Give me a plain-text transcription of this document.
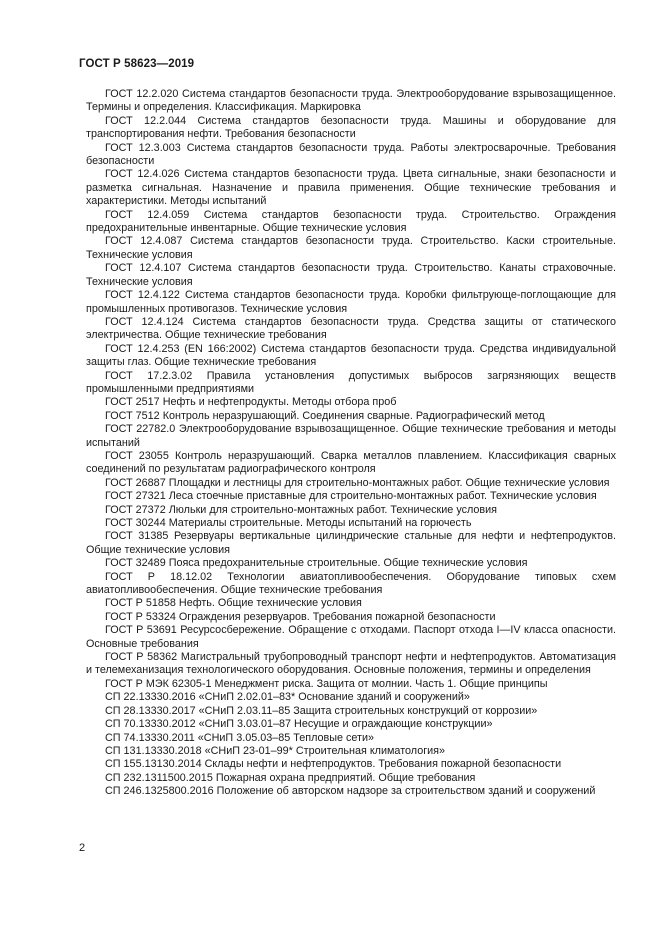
ГОСТ Р 58623—2019
ГОСТ 12.2.020 Система стандартов безопасности труда. Электрооборудование взрывозащищенное. Термины и определения. Классификация. Маркировка
ГОСТ 12.2.044 Система стандартов безопасности труда. Машины и оборудование для транспортирования нефти. Требования безопасности
ГОСТ 12.3.003 Система стандартов безопасности труда. Работы электросварочные. Требования безопасности
ГОСТ 12.4.026 Система стандартов безопасности труда. Цвета сигнальные, знаки безопасности и разметка сигнальная. Назначение и правила применения. Общие технические требования и характеристики. Методы испытаний
ГОСТ 12.4.059 Система стандартов безопасности труда. Строительство. Ограждения предохранительные инвентарные. Общие технические условия
ГОСТ 12.4.087 Система стандартов безопасности труда. Строительство. Каски строительные. Технические условия
ГОСТ 12.4.107 Система стандартов безопасности труда. Строительство. Канаты страховочные. Технические условия
ГОСТ 12.4.122 Система стандартов безопасности труда. Коробки фильтрующе-поглощающие для промышленных противогазов. Технические условия
ГОСТ 12.4.124 Система стандартов безопасности труда. Средства защиты от статического электричества. Общие технические требования
ГОСТ 12.4.253 (EN 166:2002) Система стандартов безопасности труда. Средства индивидуальной защиты глаз. Общие технические требования
ГОСТ 17.2.3.02 Правила установления допустимых выбросов загрязняющих веществ промышленными предприятиями
ГОСТ 2517 Нефть и нефтепродукты. Методы отбора проб
ГОСТ 7512 Контроль неразрушающий. Соединения сварные. Радиографический метод
ГОСТ 22782.0 Электрооборудование взрывозащищенное. Общие технические требования и методы испытаний
ГОСТ 23055 Контроль неразрушающий. Сварка металлов плавлением. Классификация сварных соединений по результатам радиографического контроля
ГОСТ 26887 Площадки и лестницы для строительно-монтажных работ. Общие технические условия
ГОСТ 27321 Леса стоечные приставные для строительно-монтажных работ. Технические условия
ГОСТ 27372 Люльки для строительно-монтажных работ. Технические условия
ГОСТ 30244 Материалы строительные. Методы испытаний на горючесть
ГОСТ 31385 Резервуары вертикальные цилиндрические стальные для нефти и нефтепродуктов. Общие технические условия
ГОСТ 32489 Пояса предохранительные строительные. Общие технические условия
ГОСТ Р 18.12.02 Технологии авиатопливообеспечения. Оборудование типовых схем авиатопливообеспечения. Общие технические требования
ГОСТ Р 51858 Нефть. Общие технические условия
ГОСТ Р 53324 Ограждения резервуаров. Требования пожарной безопасности
ГОСТ Р 53691 Ресурсосбережение. Обращение с отходами. Паспорт отхода I—IV класса опасности. Основные требования
ГОСТ Р 58362 Магистральный трубопроводный транспорт нефти и нефтепродуктов. Автоматизация и телемеханизация технологического оборудования. Основные положения, термины и определения
ГОСТ Р МЭК 62305-1 Менеджмент риска. Защита от молнии. Часть 1. Общие принципы
СП 22.13330.2016 «СНиП 2.02.01–83* Основание зданий и сооружений»
СП 28.13330.2017 «СНиП 2.03.11–85 Защита строительных конструкций от коррозии»
СП 70.13330.2012 «СНиП 3.03.01–87 Несущие и ограждающие конструкции»
СП 74.13330.2011 «СНиП 3.05.03–85 Тепловые сети»
СП 131.13330.2018 «СНиП 23-01–99* Строительная климатология»
СП 155.13130.2014 Склады нефти и нефтепродуктов. Требования пожарной безопасности
СП 232.1311500.2015 Пожарная охрана предприятий. Общие требования
СП 246.1325800.2016 Положение об авторском надзоре за строительством зданий и сооружений
2
